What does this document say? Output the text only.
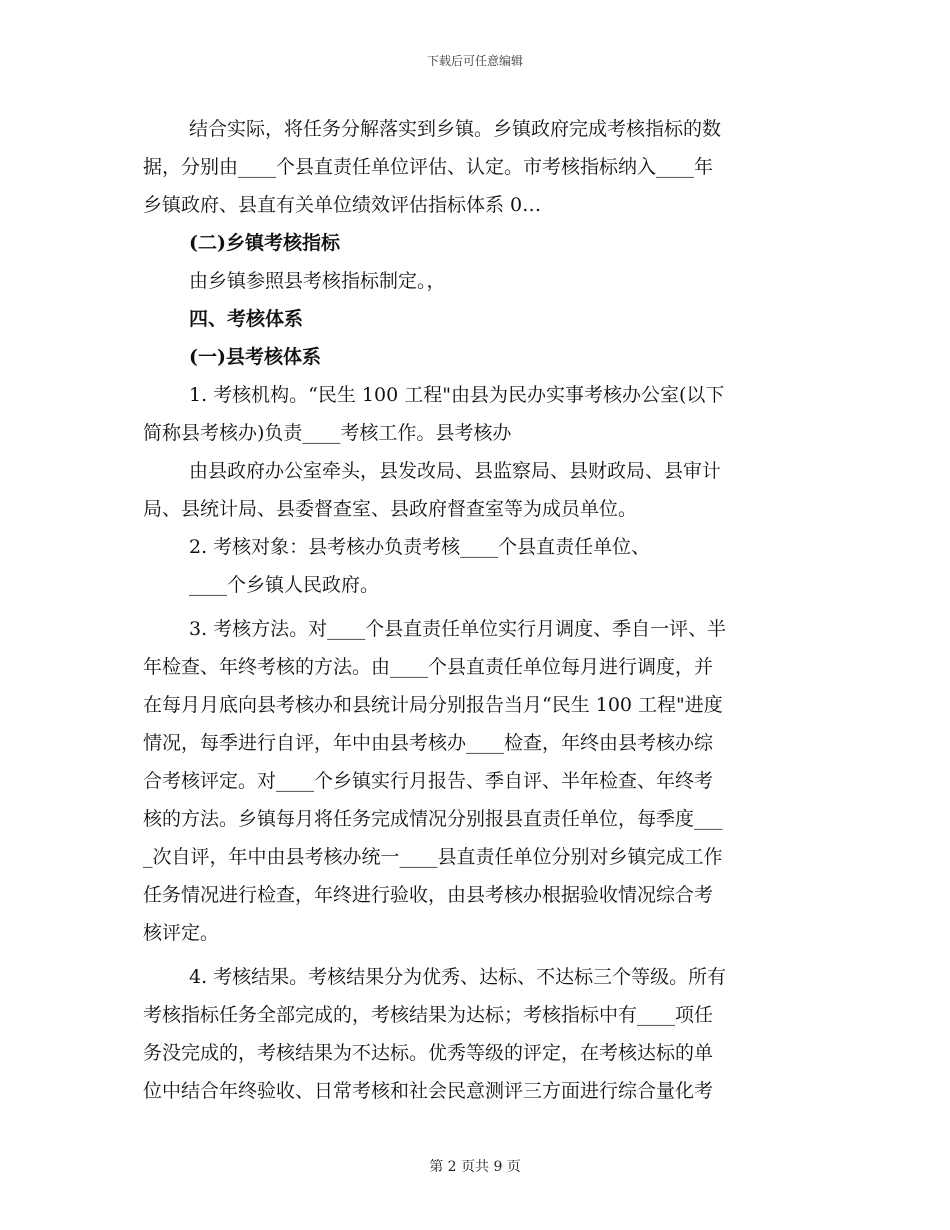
下载后可任意编辑
结合实际，将任务分解落实到乡镇。乡镇政府完成考核指标的数
据，分别由____个县直责任单位评估、认定。市考核指标纳入____年
乡镇政府、县直有关单位绩效评估指标体系 0…
(二)乡镇考核指标
由乡镇参照县考核指标制定。，
四、考核体系
(一)县考核体系
1. 考核机构。“民生 100 工程"由县为民办实事考核办公室(以下
简称县考核办)负责____考核工作。县考核办
由县政府办公室牵头，县发改局、县监察局、县财政局、县审计
局、县统计局、县委督查室、县政府督查室等为成员单位。
2. 考核对象：县考核办负责考核____个县直责任单位、
____个乡镇人民政府。
3. 考核方法。对____个县直责任单位实行月调度、季自一评、半
年检查、年终考核的方法。由____个县直责任单位每月进行调度，并
在每月月底向县考核办和县统计局分别报告当月“民生 100 工程"进度
情况，每季进行自评，年中由县考核办____检查，年终由县考核办综
合考核评定。对____个乡镇实行月报告、季自评、半年检查、年终考
核的方法。乡镇每月将任务完成情况分别报县直责任单位，每季度___
_次自评，年中由县考核办统一____县直责任单位分别对乡镇完成工作
任务情况进行检查，年终进行验收，由县考核办根据验收情况综合考
核评定。
4. 考核结果。考核结果分为优秀、达标、不达标三个等级。所有
考核指标任务全部完成的，考核结果为达标；考核指标中有____项任
务没完成的，考核结果为不达标。优秀等级的评定，在考核达标的单
位中结合年终验收、日常考核和社会民意测评三方面进行综合量化考
第 2 页共 9 页
